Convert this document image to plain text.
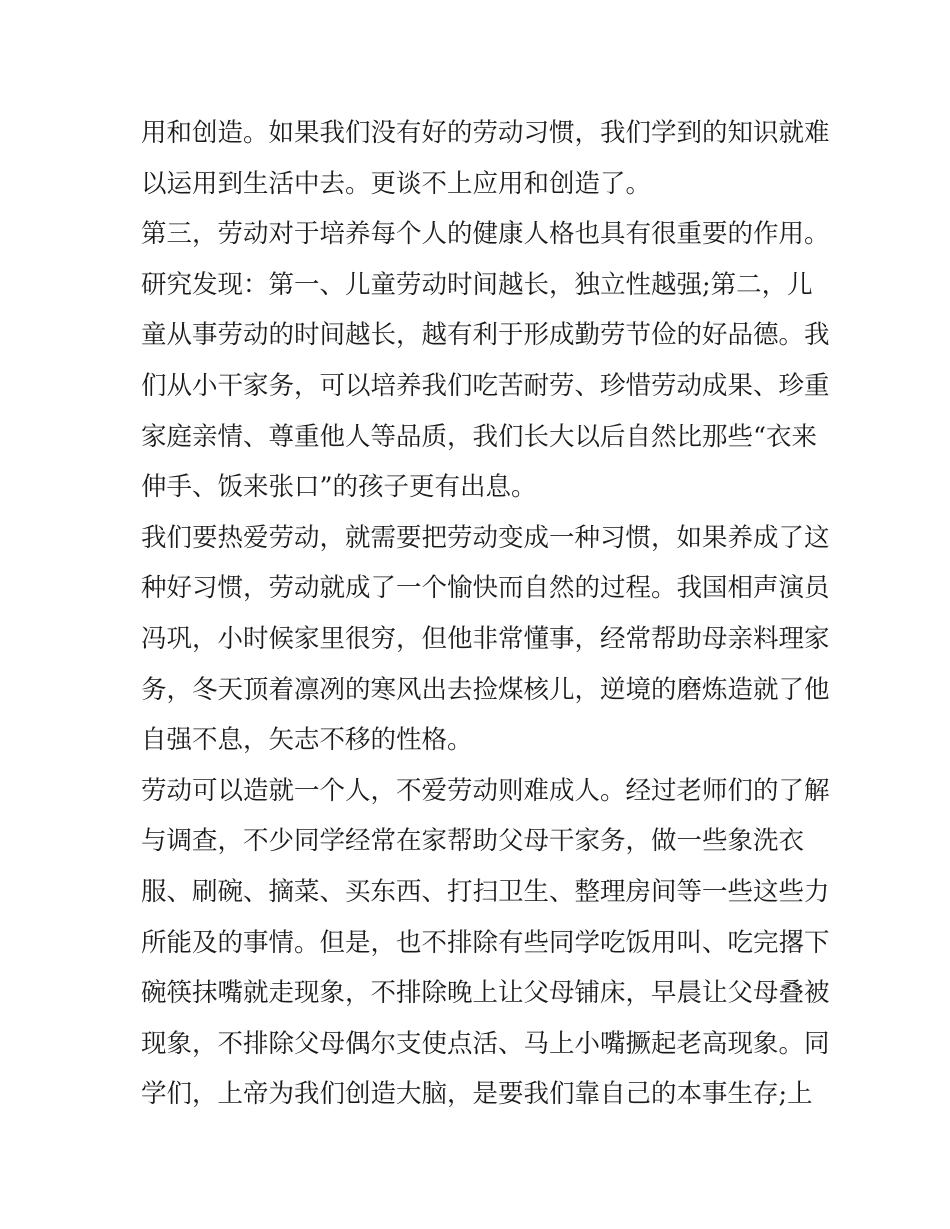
用和创造。如果我们没有好的劳动习惯，我们学到的知识就难
以运用到生活中去。更谈不上应用和创造了。
第三，劳动对于培养每个人的健康人格也具有很重要的作用。
研究发现：第一、儿童劳动时间越长，独立性越强;第二，儿
童从事劳动的时间越长，越有利于形成勤劳节俭的好品德。我
们从小干家务，可以培养我们吃苦耐劳、珍惜劳动成果、珍重
家庭亲情、尊重他人等品质，我们长大以后自然比那些“衣来
伸手、饭来张口”的孩子更有出息。
我们要热爱劳动，就需要把劳动变成一种习惯，如果养成了这
种好习惯，劳动就成了一个愉快而自然的过程。我国相声演员
冯巩，小时候家里很穷，但他非常懂事，经常帮助母亲料理家
务，冬天顶着凛冽的寒风出去捡煤核儿，逆境的磨炼造就了他
自强不息，矢志不移的性格。
劳动可以造就一个人，不爱劳动则难成人。经过老师们的了解
与调查，不少同学经常在家帮助父母干家务，做一些象洗衣
服、刷碗、摘菜、买东西、打扫卫生、整理房间等一些这些力
所能及的事情。但是，也不排除有些同学吃饭用叫、吃完撂下
碗筷抹嘴就走现象，不排除晚上让父母铺床，早晨让父母叠被
现象，不排除父母偶尔支使点活、马上小嘴撅起老高现象。同
学们，上帝为我们创造大脑，是要我们靠自己的本事生存;上
